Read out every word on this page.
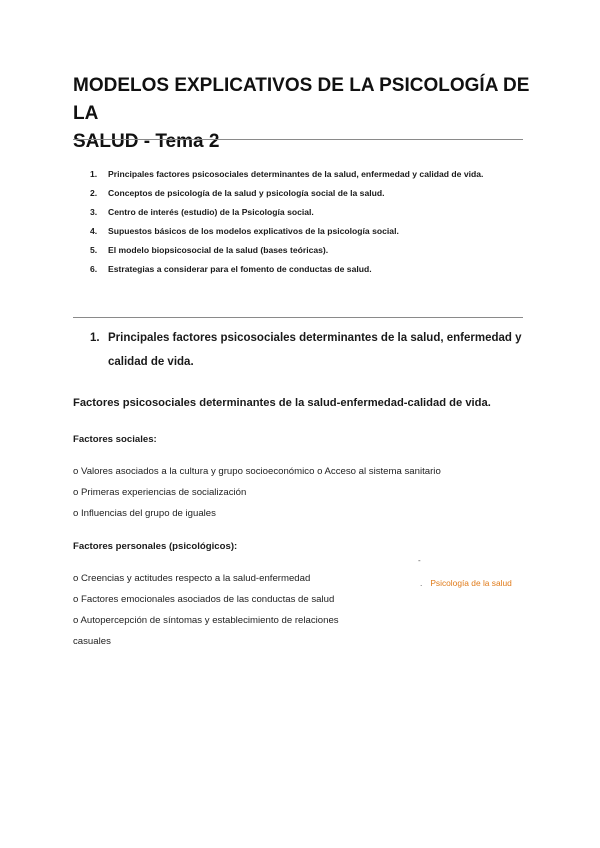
MODELOS EXPLICATIVOS DE LA PSICOLOGÍA DE LA
SALUD - Tema 2
1. Principales factores psicosociales determinantes de la salud, enfermedad y calidad de vida.
2. Conceptos de psicología de la salud y psicología social de la salud.
3. Centro de interés (estudio) de la Psicología social.
4. Supuestos básicos de los modelos explicativos de la psicología social.
5. El modelo biopsicosocial de la salud (bases teóricas).
6. Estrategias a considerar para el fomento de conductas de salud.
1. Principales factores psicosociales determinantes de la salud, enfermedad y
calidad de vida.
Factores psicosociales determinantes de la salud-enfermedad-calidad de vida.

Factores sociales:

o Valores asociados a la cultura y grupo socioeconómico o Acceso al sistema sanitario
o Primeras experiencias de socialización
o Influencias del grupo de iguales

Factores personales (psicológicos):

o Creencias y actitudes respecto a la salud-enfermedad
o Factores emocionales asociados de las conductas de salud
o Autopercepción de síntomas y establecimiento de relaciones
casuales
-
. Psicología de la salud
